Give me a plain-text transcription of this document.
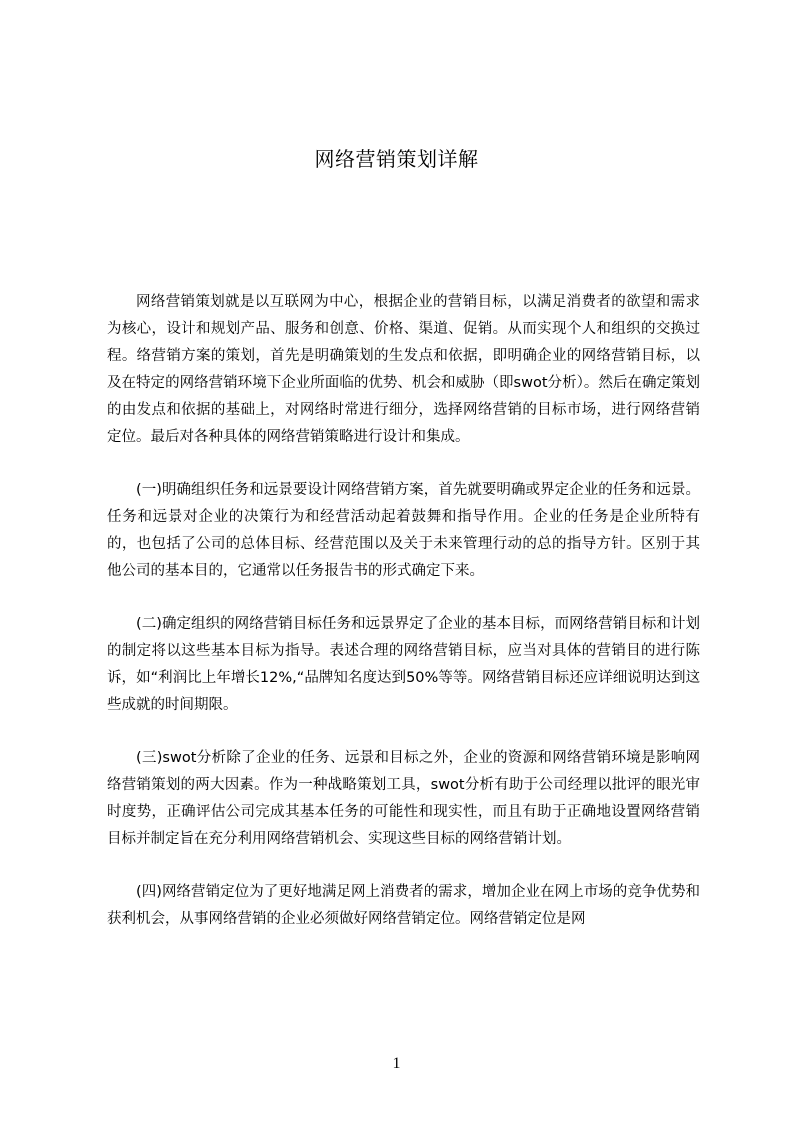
网络营销策划详解

网络营销策划就是以互联网为中心，根据企业的营销目标，以满足消费者的欲望和需求为核心，设计和规划产品、服务和创意、价格、渠道、促销。从而实现个人和组织的交换过程。络营销方案的策划，首先是明确策划的生发点和依据，即明确企业的网络营销目标，以及在特定的网络营销环境下企业所面临的优势、机会和威胁（即swot分析）。然后在确定策划的由发点和依据的基础上，对网络时常进行细分，选择网络营销的目标市场，进行网络营销定位。最后对各种具体的网络营销策略进行设计和集成。

(一)明确组织任务和远景要设计网络营销方案，首先就要明确或界定企业的任务和远景。任务和远景对企业的决策行为和经营活动起着鼓舞和指导作用。企业的任务是企业所特有的，也包括了公司的总体目标、经营范围以及关于未来管理行动的总的指导方针。区别于其他公司的基本目的，它通常以任务报告书的形式确定下来。

(二)确定组织的网络营销目标任务和远景界定了企业的基本目标，而网络营销目标和计划的制定将以这些基本目标为指导。表述合理的网络营销目标，应当对具体的营销目的进行陈诉，如“利润比上年增长12%,“品牌知名度达到50%等等。网络营销目标还应详细说明达到这些成就的时间期限。

(三)swot分析除了企业的任务、远景和目标之外，企业的资源和网络营销环境是影响网络营销策划的两大因素。作为一种战略策划工具，swot分析有助于公司经理以批评的眼光审时度势，正确评估公司完成其基本任务的可能性和现实性，而且有助于正确地设置网络营销目标并制定旨在充分利用网络营销机会、实现这些目标的网络营销计划。

(四)网络营销定位为了更好地满足网上消费者的需求，增加企业在网上市场的竞争优势和获利机会，从事网络营销的企业必须做好网络营销定位。网络营销定位是网

1
